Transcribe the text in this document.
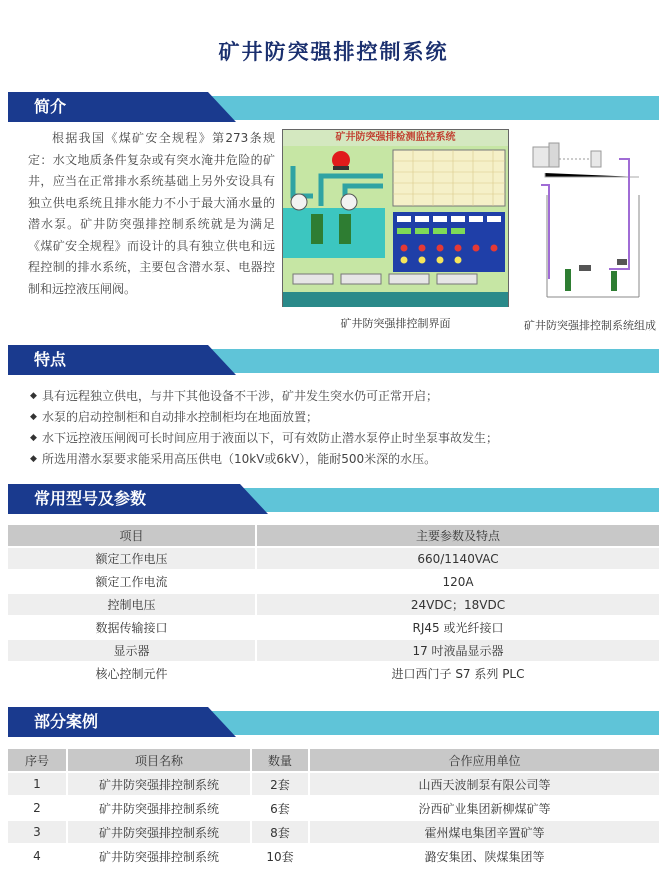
矿井防突强排控制系统
简介

根据我国《煤矿安全规程》第273条规定：水文地质条件复杂或有突水淹井危险的矿井，应当在正常排水系统基础上另外安设具有独立供电系统且排水能力不小于最大涌水量的潜水泵。矿井防突强排控制系统就是为满足《煤矿安全规程》而设计的具有独立供电和远程控制的排水系统，主要包含潜水泵、电器控制和远控液压闸阀。

矿井防突强排检测监控系统
矿井防突强排控制界面	矿井防突强排控制系统组成
特点
◆ 具有远程独立供电，与井下其他设备不干涉，矿井发生突水仍可正常开启；
◆ 水泵的启动控制柜和自动排水控制柜均在地面放置；
◆ 水下远控液压闸阀可长时间应用于液面以下，可有效防止潜水泵停止时坐泵事故发生；
◆ 所选用潜水泵要求能采用高压供电（10kV或6kV），能耐500米深的水压。
常用型号及参数
项目	主要参数及特点
额定工作电压	660/1140VAC
额定工作电流	120A
控制电压	24VDC；18VDC
数据传输接口	RJ45 或光纤接口
显示器	17 吋液晶显示器
核心控制元件	进口西门子 S7 系列 PLC
部分案例
序号	项目名称	数量	合作应用单位
1	矿井防突强排控制系统	2套	山西天波制泵有限公司等
2	矿井防突强排控制系统	6套	汾西矿业集团新柳煤矿等
3	矿井防突强排控制系统	8套	霍州煤电集团辛置矿等
4	矿井防突强排控制系统	10套	潞安集团、陕煤集团等
